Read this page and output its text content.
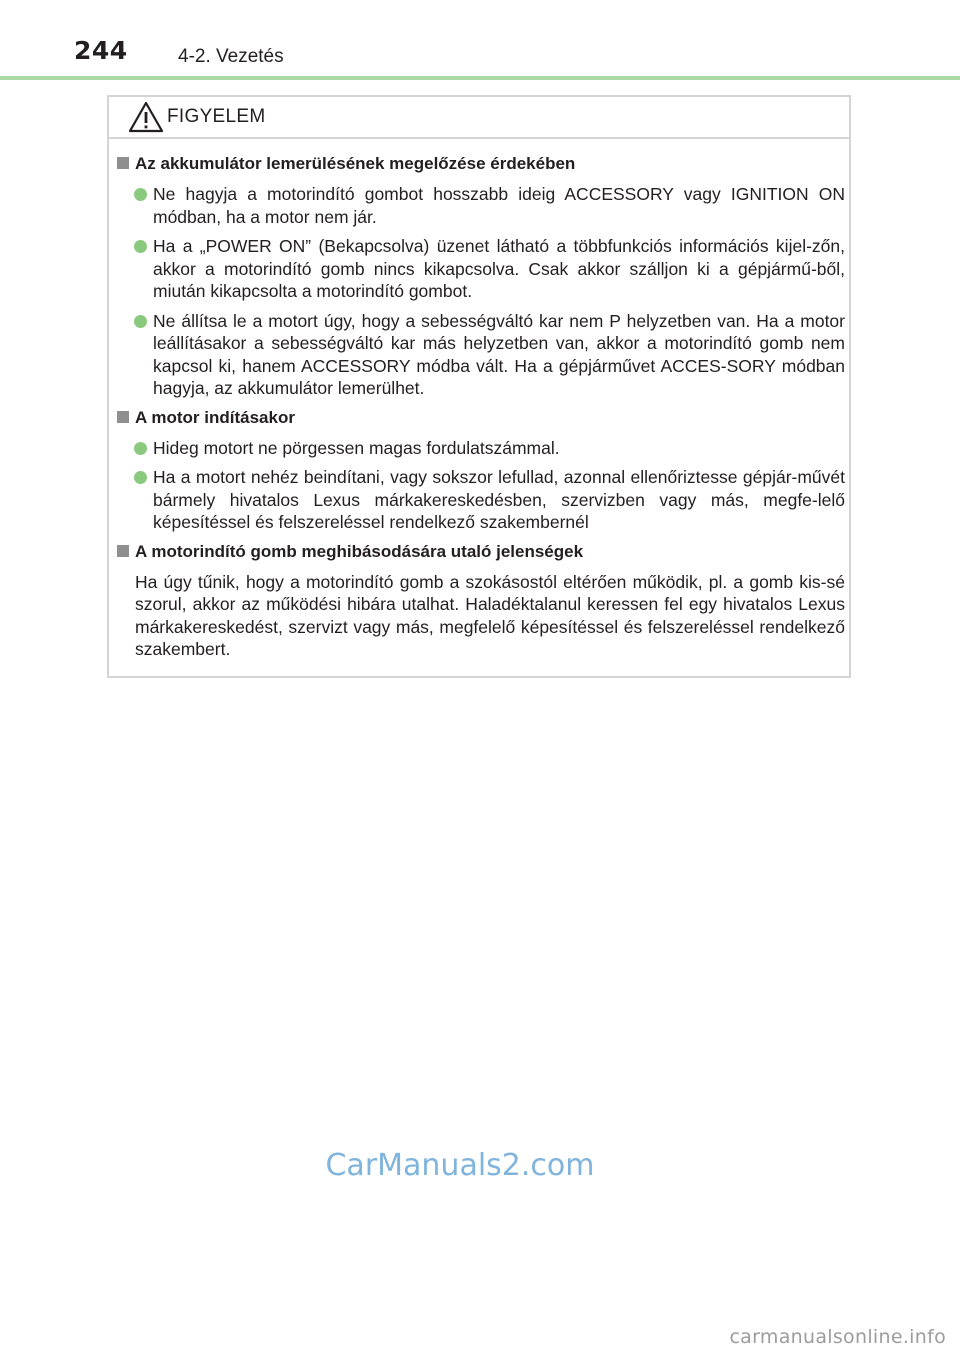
244	4-2. Vezetés
FIGYELEM
Az akkumulátor lemerülésének megelőzése érdekében
Ne hagyja a motorindító gombot hosszabb ideig ACCESSORY vagy IGNITION ON módban, ha a motor nem jár.
Ha a „POWER ON” (Bekapcsolva) üzenet látható a többfunkciós információs kijel-zőn, akkor a motorindító gomb nincs kikapcsolva. Csak akkor szálljon ki a gépjármű-ből, miután kikapcsolta a motorindító gombot.
Ne állítsa le a motort úgy, hogy a sebességváltó kar nem P helyzetben van. Ha a motor leállításakor a sebességváltó kar más helyzetben van, akkor a motorindító gomb nem kapcsol ki, hanem ACCESSORY módba vált. Ha a gépjárművet ACCES-SORY módban hagyja, az akkumulátor lemerülhet.
A motor indításakor
Hideg motort ne pörgessen magas fordulatszámmal.
Ha a motort nehéz beindítani, vagy sokszor lefullad, azonnal ellenőriztesse gépjár-művét bármely hivatalos Lexus márkakereskedésben, szervizben vagy más, megfe-lelő képesítéssel és felszereléssel rendelkező szakembernél
A motorindító gomb meghibásodására utaló jelenségek
Ha úgy tűnik, hogy a motorindító gomb a szokásostól eltérően működik, pl. a gomb kis-sé szorul, akkor az működési hibára utalhat. Haladéktalanul keressen fel egy hivatalos Lexus márkakereskedést, szervizt vagy más, megfelelő képesítéssel és felszereléssel rendelkező szakembert.
CarManuals2.com
carmanualsonline.info
